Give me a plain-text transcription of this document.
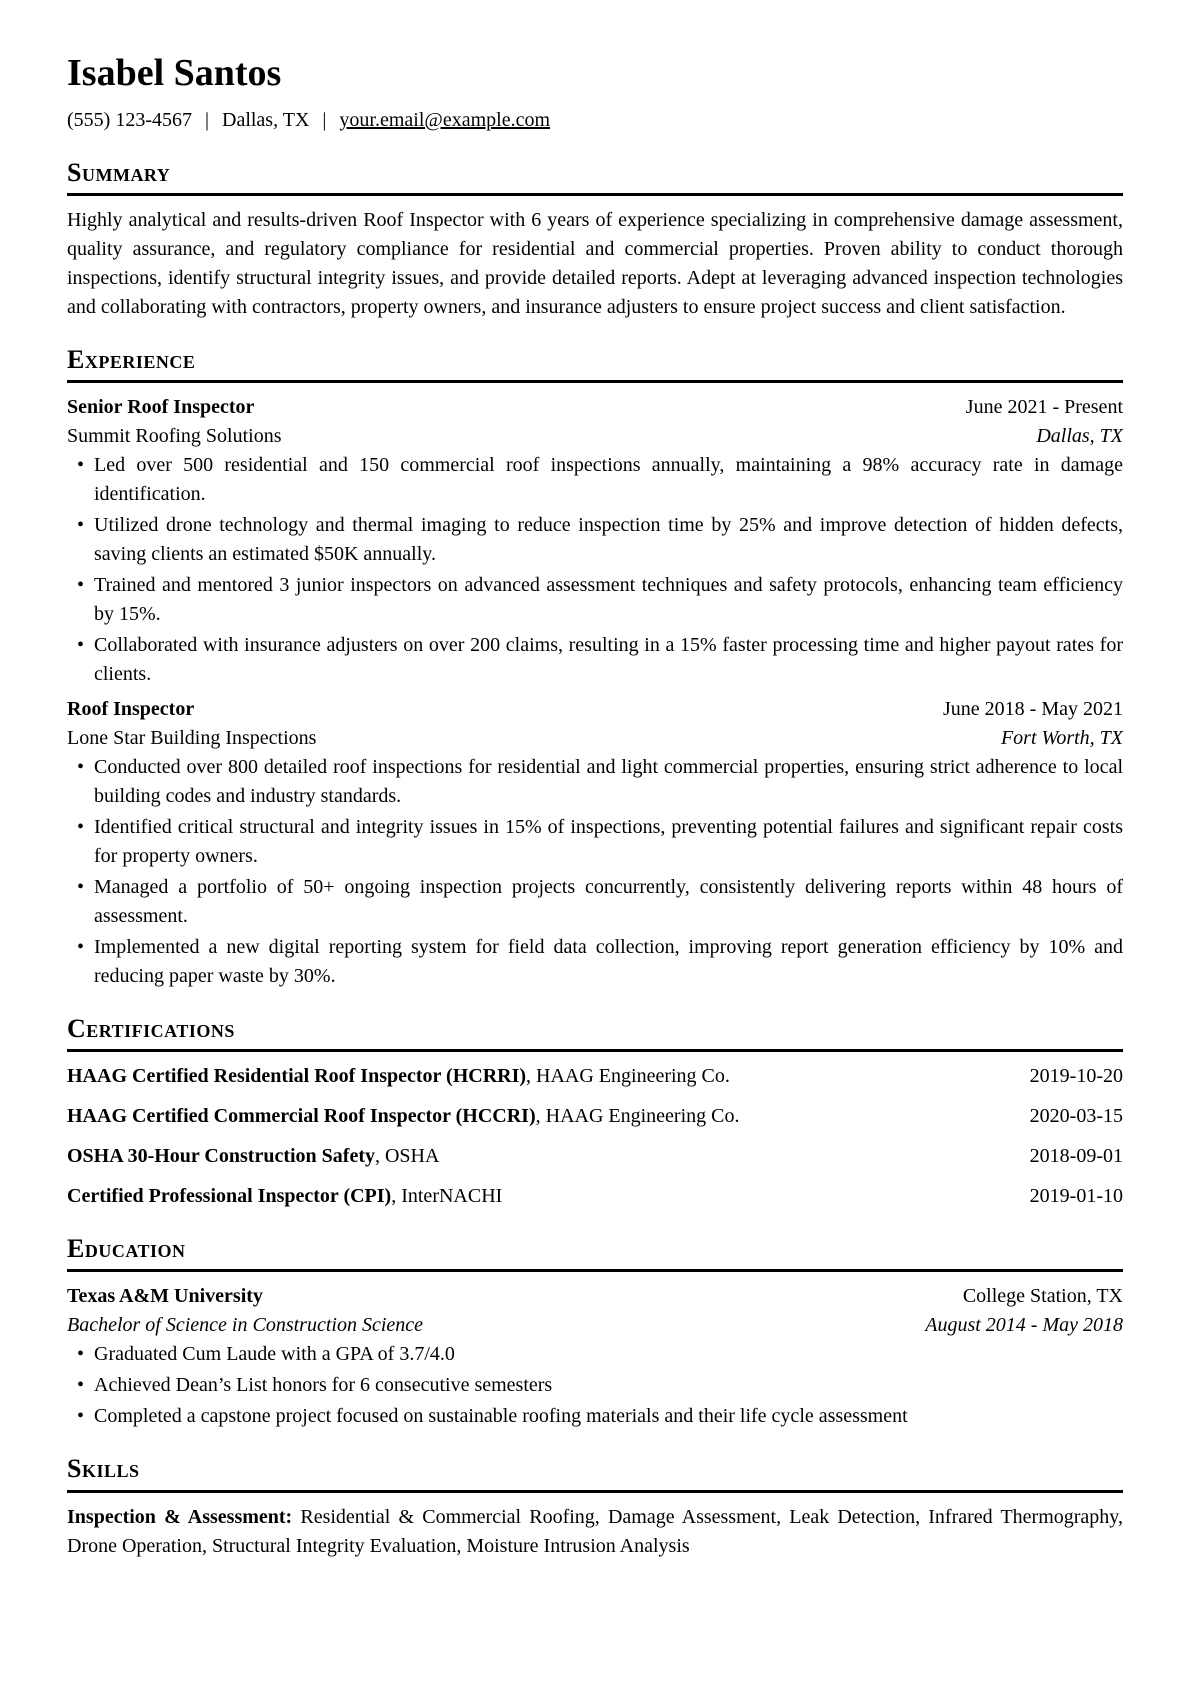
Isabel Santos
(555) 123-4567 | Dallas, TX | your.email@example.com
Summary

Highly analytical and results-driven Roof Inspector with 6 years of experience specializing in comprehensive damage assessment, quality assurance, and regulatory compliance for residential and commercial properties. Proven ability to conduct thorough inspections, identify structural integrity issues, and provide detailed reports. Adept at leveraging advanced inspection technologies and collaborating with contractors, property owners, and insurance adjusters to ensure project success and client satisfaction.

Experience
Senior Roof Inspector	June 2021 - Present
Summit Roofing Solutions	Dallas, TX
• Led over 500 residential and 150 commercial roof inspections annually, maintaining a 98% accuracy rate in damage identification.
• Utilized drone technology and thermal imaging to reduce inspection time by 25% and improve detection of hidden defects, saving clients an estimated $50K annually.
• Trained and mentored 3 junior inspectors on advanced assessment techniques and safety protocols, enhancing team efficiency by 15%.
• Collaborated with insurance adjusters on over 200 claims, resulting in a 15% faster processing time and higher payout rates for clients.
Roof Inspector	June 2018 - May 2021
Lone Star Building Inspections	Fort Worth, TX
• Conducted over 800 detailed roof inspections for residential and light commercial properties, ensuring strict adherence to local building codes and industry standards.
• Identified critical structural and integrity issues in 15% of inspections, preventing potential failures and significant repair costs for property owners.
• Managed a portfolio of 50+ ongoing inspection projects concurrently, consistently delivering reports within 48 hours of assessment.
• Implemented a new digital reporting system for field data collection, improving report generation efficiency by 10% and reducing paper waste by 30%.
Certifications
HAAG Certified Residential Roof Inspector (HCRRI), HAAG Engineering Co.	2019-10-20
HAAG Certified Commercial Roof Inspector (HCCRI), HAAG Engineering Co.	2020-03-15
OSHA 30-Hour Construction Safety, OSHA	2018-09-01
Certified Professional Inspector (CPI), InterNACHI	2019-01-10
Education
Texas A&M University	College Station, TX
Bachelor of Science in Construction Science	August 2014 - May 2018
• Graduated Cum Laude with a GPA of 3.7/4.0
• Achieved Dean’s List honors for 6 consecutive semesters
• Completed a capstone project focused on sustainable roofing materials and their life cycle assessment
Skills

Inspection & Assessment: Residential & Commercial Roofing, Damage Assessment, Leak Detection, Infrared Thermography, Drone Operation, Structural Integrity Evaluation, Moisture Intrusion Analysis
